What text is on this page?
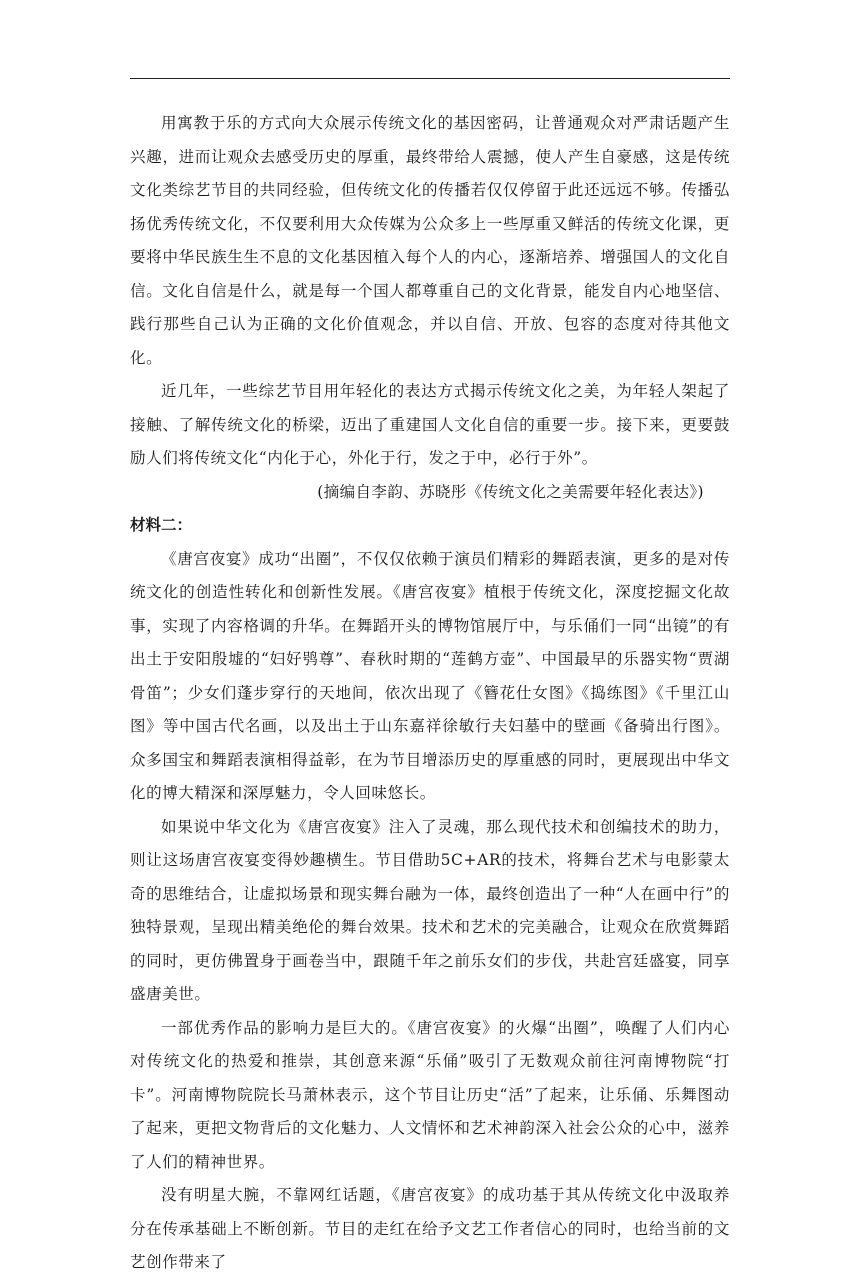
用寓教于乐的方式向大众展示传统文化的基因密码，让普通观众对严肃话题产生兴趣，进而让观众去感受历史的厚重，最终带给人震撼，使人产生自豪感，这是传统文化类综艺节目的共同经验，但传统文化的传播若仅仅停留于此还远远不够。传播弘扬优秀传统文化，不仅要利用大众传媒为公众多上一些厚重又鲜活的传统文化课，更要将中华民族生生不息的文化基因植入每个人的内心，逐渐培养、增强国人的文化自信。文化自信是什么，就是每一个国人都尊重自己的文化背景，能发自内心地坚信、践行那些自己认为正确的文化价值观念，并以自信、开放、包容的态度对待其他文化。

近几年，一些综艺节目用年轻化的表达方式揭示传统文化之美，为年轻人架起了接触、了解传统文化的桥梁，迈出了重建国人文化自信的重要一步。接下来，更要鼓励人们将传统文化“内化于心，外化于行，发之于中，必行于外”。

(摘编自李韵、苏晓彤《传统文化之美需要年轻化表达》)

材料二：

《唐宫夜宴》成功“出圈”，不仅仅依赖于演员们精彩的舞蹈表演，更多的是对传统文化的创造性转化和创新性发展。《唐宫夜宴》植根于传统文化，深度挖掘文化故事，实现了内容格调的升华。在舞蹈开头的博物馆展厅中，与乐俑们一同“出镜”的有出土于安阳殷墟的“妇好鸮尊”、春秋时期的“莲鹤方壶”、中国最早的乐器实物“贾湖骨笛”；少女们蓬步穿行的天地间，依次出现了《簪花仕女图》《捣练图》《千里江山图》等中国古代名画，以及出土于山东嘉祥徐敏行夫妇墓中的壁画《备骑出行图》。众多国宝和舞蹈表演相得益彰，在为节目增添历史的厚重感的同时，更展现出中华文化的博大精深和深厚魅力，令人回味悠长。

如果说中华文化为《唐宫夜宴》注入了灵魂，那么现代技术和创编技术的助力，则让这场唐宫夜宴变得妙趣横生。节目借助5C+AR的技术，将舞台艺术与电影蒙太奇的思维结合，让虚拟场景和现实舞台融为一体，最终创造出了一种“人在画中行”的独特景观，呈现出精美绝伦的舞台效果。技术和艺术的完美融合，让观众在欣赏舞蹈的同时，更仿佛置身于画卷当中，跟随千年之前乐女们的步伐，共赴宫廷盛宴，同享盛唐美世。

一部优秀作品的影响力是巨大的。《唐宫夜宴》的火爆“出圈”，唤醒了人们内心对传统文化的热爱和推崇，其创意来源“乐俑”吸引了无数观众前往河南博物院“打卡”。河南博物院院长马萧林表示，这个节目让历史“活”了起来，让乐俑、乐舞图动了起来，更把文物背后的文化魅力、人文情怀和艺术神韵深入社会公众的心中，滋养了人们的精神世界。

没有明星大腕，不靠网红话题，《唐宫夜宴》的成功基于其从传统文化中汲取养分在传承基础上不断创新。节目的走红在给予文艺工作者信心的同时，也给当前的文艺创作带来了
